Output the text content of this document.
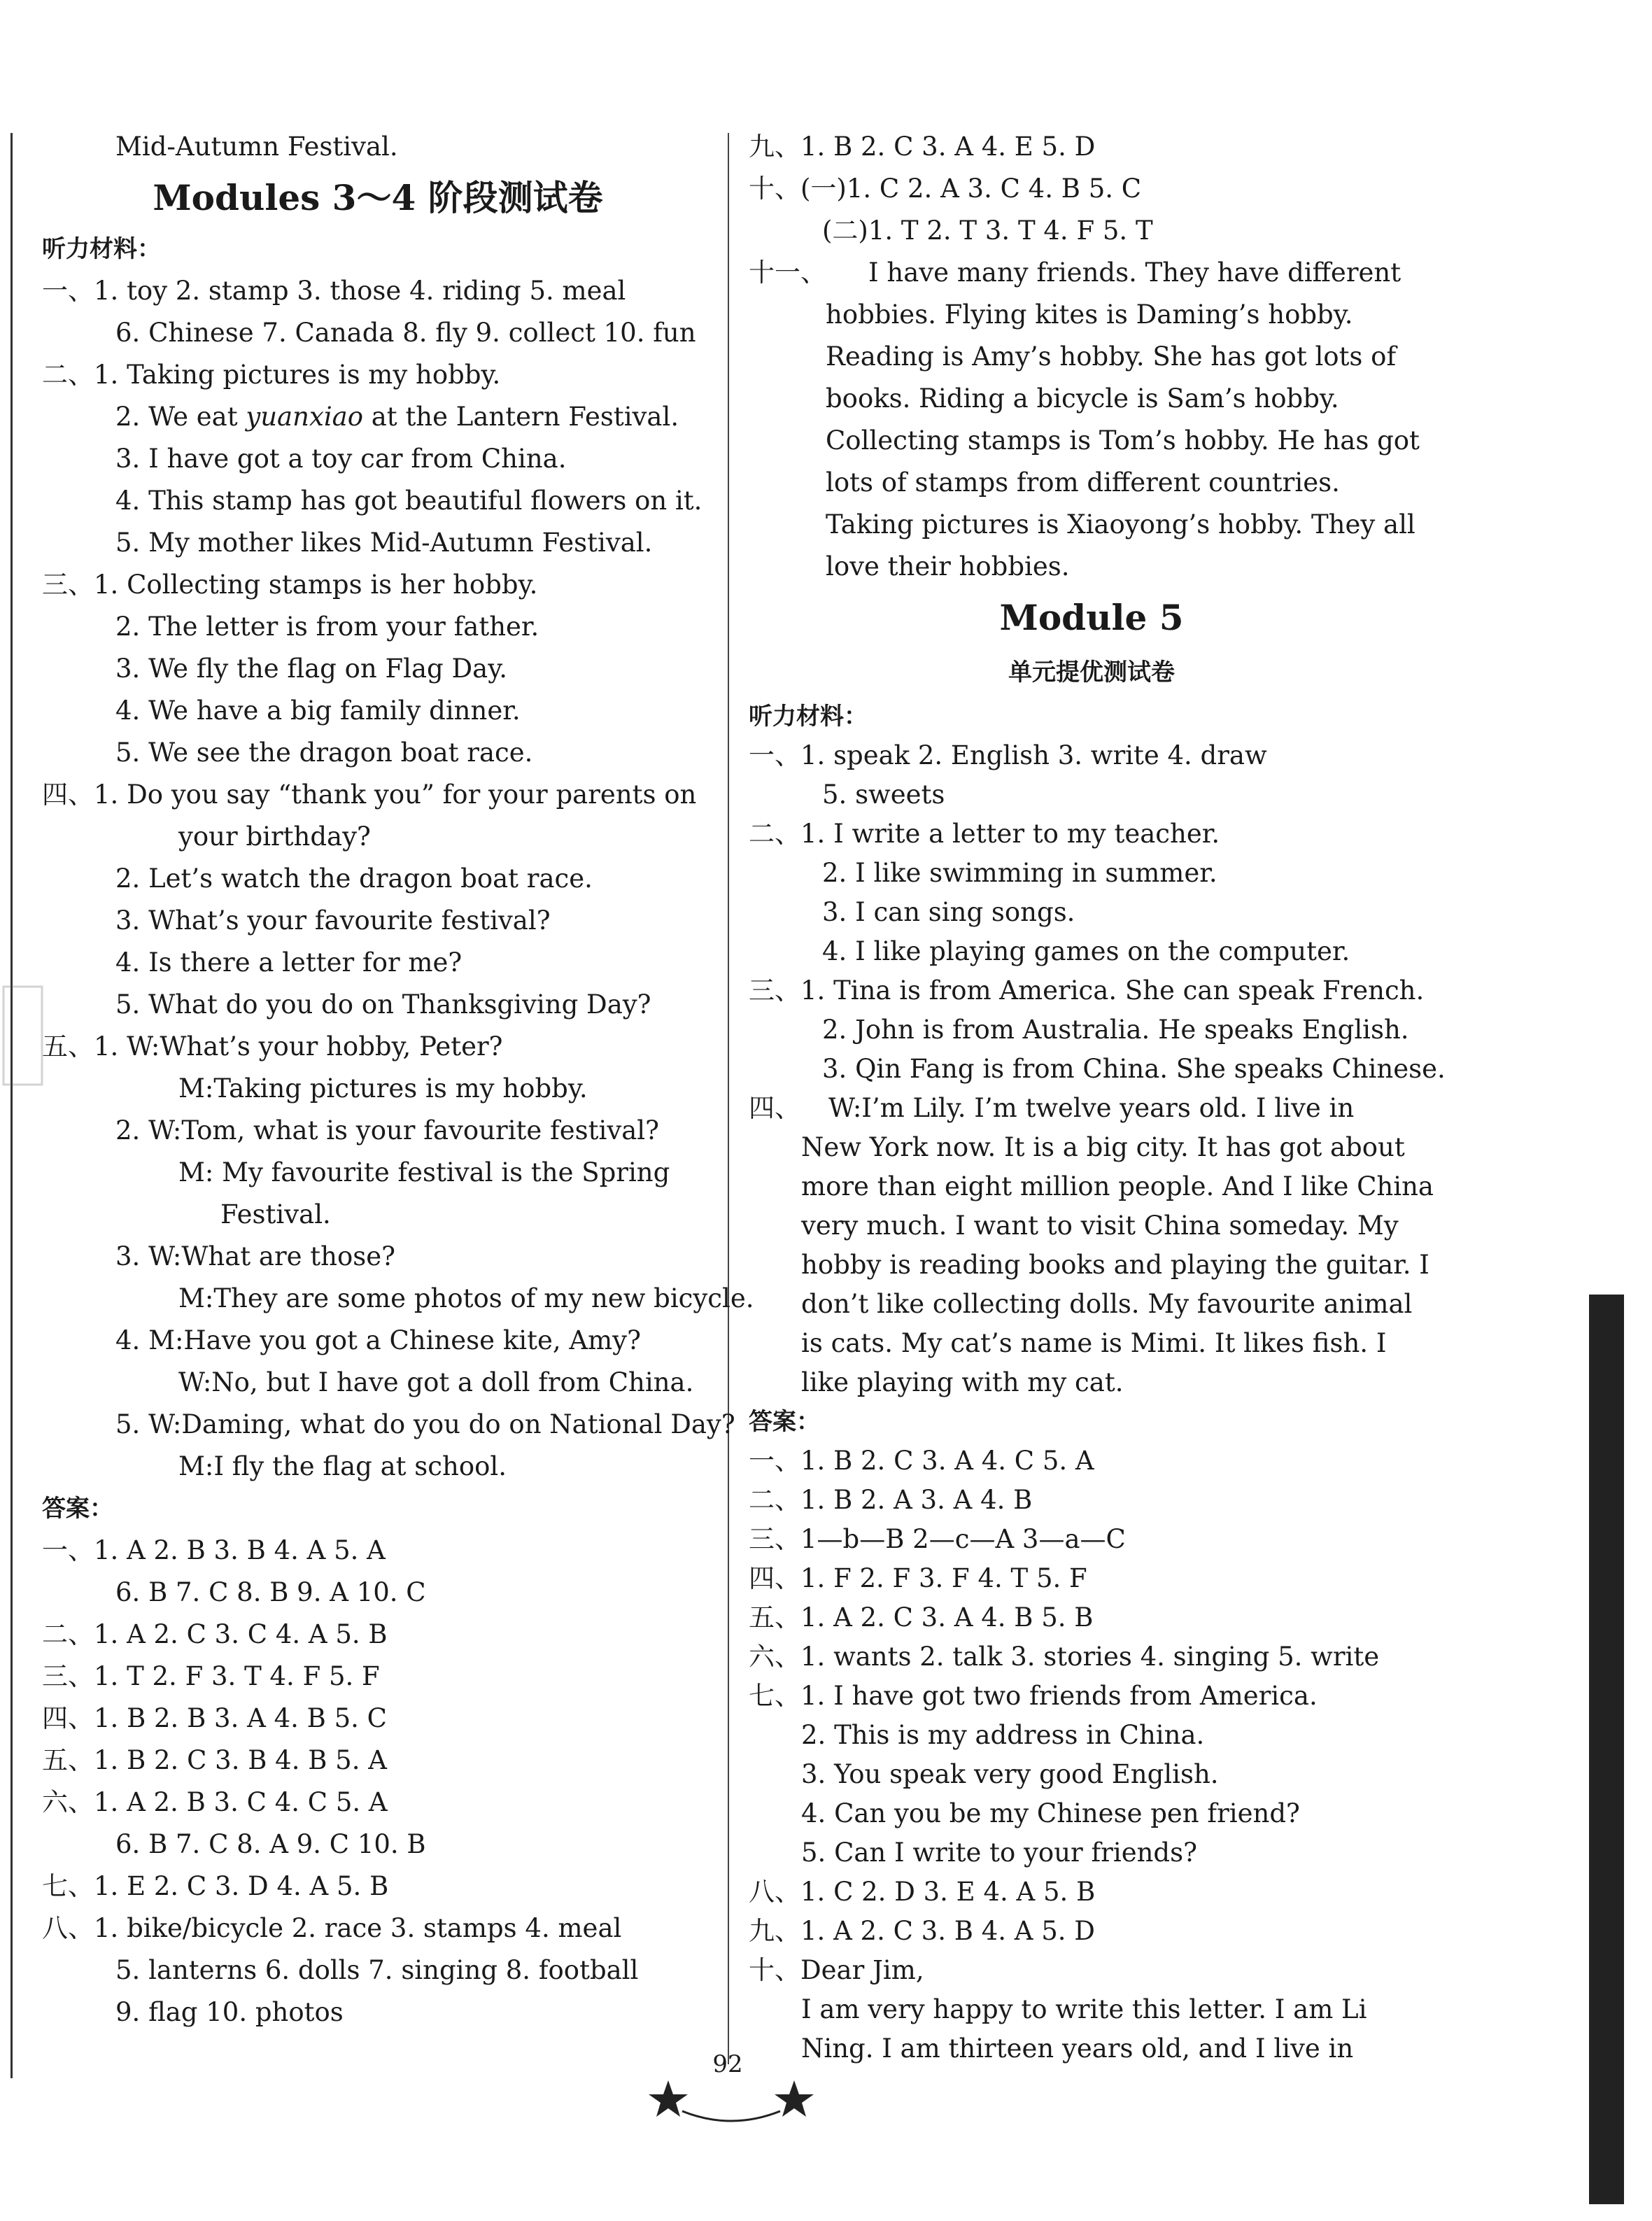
Mid-Autumn Festival.
Modules 3～4 阶段测试卷
听力材料：
一、1. toy 2. stamp 3. those 4. riding 5. meal
6. Chinese 7. Canada 8. fly 9. collect 10. fun
二、1. Taking pictures is my hobby.
2. We eat yuanxiao at the Lantern Festival.
3. I have got a toy car from China.
4. This stamp has got beautiful flowers on it.
5. My mother likes Mid-Autumn Festival.
三、1. Collecting stamps is her hobby.
2. The letter is from your father.
3. We fly the flag on Flag Day.
4. We have a big family dinner.
5. We see the dragon boat race.
四、1. Do you say “thank you” for your parents on
your birthday?
2. Let’s watch the dragon boat race.
3. What’s your favourite festival?
4. Is there a letter for me?
5. What do you do on Thanksgiving Day?
五、1. W:What’s your hobby, Peter?
M:Taking pictures is my hobby.
2. W:Tom, what is your favourite festival?
M: My favourite festival is the Spring
Festival.
3. W:What are those?
M:They are some photos of my new bicycle.
4. M:Have you got a Chinese kite, Amy?
W:No, but I have got a doll from China.
5. W:Daming, what do you do on National Day?
M:I fly the flag at school.
答案：
一、1. A 2. B 3. B 4. A 5. A
6. B 7. C 8. B 9. A 10. C
二、1. A 2. C 3. C 4. A 5. B
三、1. T 2. F 3. T 4. F 5. F
四、1. B 2. B 3. A 4. B 5. C
五、1. B 2. C 3. B 4. B 5. A
六、1. A 2. B 3. C 4. C 5. A
6. B 7. C 8. A 9. C 10. B
七、1. E 2. C 3. D 4. A 5. B
八、1. bike/bicycle 2. race 3. stamps 4. meal
5. lanterns 6. dolls 7. singing 8. football
9. flag 10. photos
九、1. B 2. C 3. A 4. E 5. D
十、(一)1. C 2. A 3. C 4. B 5. C
(二)1. T 2. T 3. T 4. F 5. T
十一、 I have many friends. They have different
hobbies. Flying kites is Daming’s hobby.
Reading is Amy’s hobby. She has got lots of
books. Riding a bicycle is Sam’s hobby.
Collecting stamps is Tom’s hobby. He has got
lots of stamps from different countries.
Taking pictures is Xiaoyong’s hobby. They all
love their hobbies.
Module 5
单元提优测试卷
听力材料：
一、1. speak 2. English 3. write 4. draw
5. sweets
二、1. I write a letter to my teacher.
2. I like swimming in summer.
3. I can sing songs.
4. I like playing games on the computer.
三、1. Tina is from America. She can speak French.
2. John is from Australia. He speaks English.
3. Qin Fang is from China. She speaks Chinese.
四、 W:I’m Lily. I’m twelve years old. I live in
New York now. It is a big city. It has got about
more than eight million people. And I like China
very much. I want to visit China someday. My
hobby is reading books and playing the guitar. I
don’t like collecting dolls. My favourite animal
is cats. My cat’s name is Mimi. It likes fish. I
like playing with my cat.
答案：
一、1. B 2. C 3. A 4. C 5. A
二、1. B 2. A 3. A 4. B
三、1—b—B 2—c—A 3—a—C
四、1. F 2. F 3. F 4. T 5. F
五、1. A 2. C 3. A 4. B 5. B
六、1. wants 2. talk 3. stories 4. singing 5. write
七、1. I have got two friends from America.
2. This is my address in China.
3. You speak very good English.
4. Can you be my Chinese pen friend?
5. Can I write to your friends?
八、1. C 2. D 3. E 4. A 5. B
九、1. A 2. C 3. B 4. A 5. D
十、Dear Jim,
I am very happy to write this letter. I am Li
Ning. I am thirteen years old, and I live in
92
